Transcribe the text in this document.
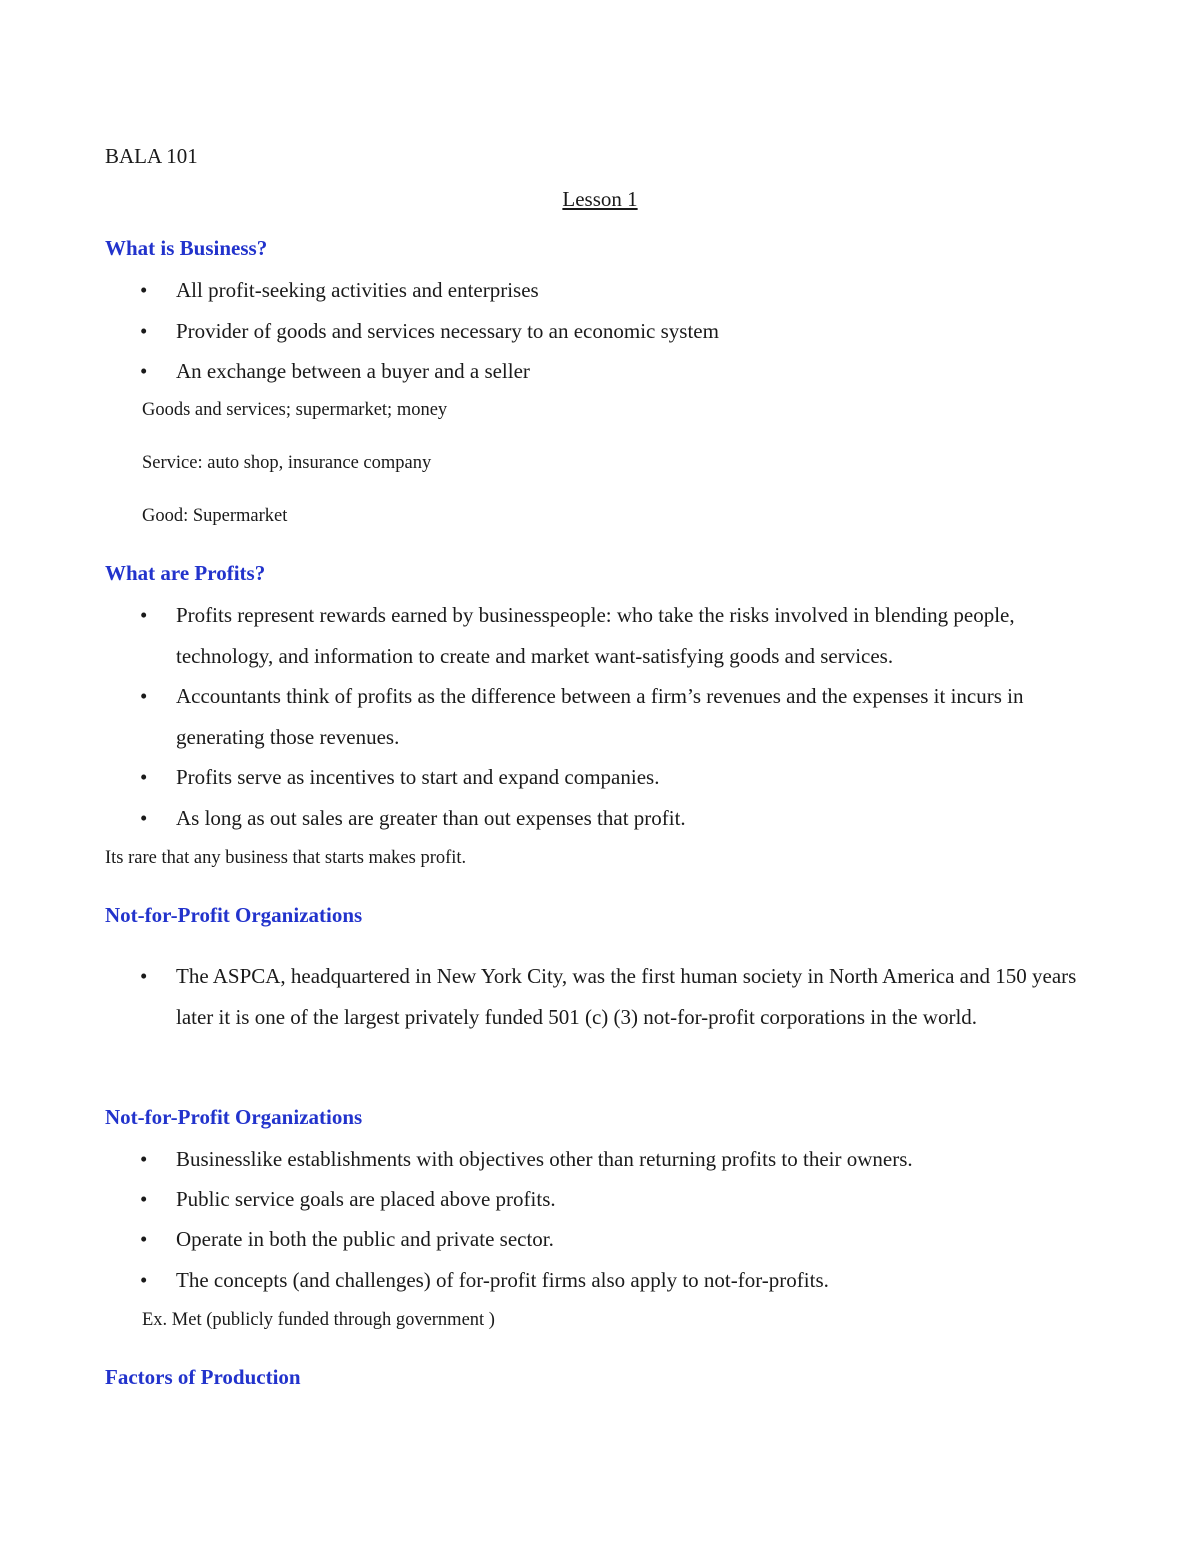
BALA 101
Lesson 1
What is Business?
• All profit-seeking activities and enterprises
• Provider of goods and services necessary to an economic system
• An exchange between a buyer and a seller
Goods and services; supermarket; money
Service: auto shop, insurance company
Good: Supermarket
What are Profits?
• Profits represent rewards earned by businesspeople: who take the risks involved in blending people, technology, and information to create and market want-satisfying goods and services.
• Accountants think of profits as the difference between a firm’s revenues and the expenses it incurs in generating those revenues.
• Profits serve as incentives to start and expand companies.
• As long as out sales are greater than out expenses that profit.
Its rare that any business that starts makes profit.
Not-for-Profit Organizations
• The ASPCA, headquartered in New York City, was the first human society in North America and 150 years later it is one of the largest privately funded 501 (c) (3) not-for-profit corporations in the world.
Not-for-Profit Organizations
• Businesslike establishments with objectives other than returning profits to their owners.
• Public service goals are placed above profits.
• Operate in both the public and private sector.
• The concepts (and challenges) of for-profit firms also apply to not-for-profits.
Ex. Met (publicly funded through government )
Factors of Production
